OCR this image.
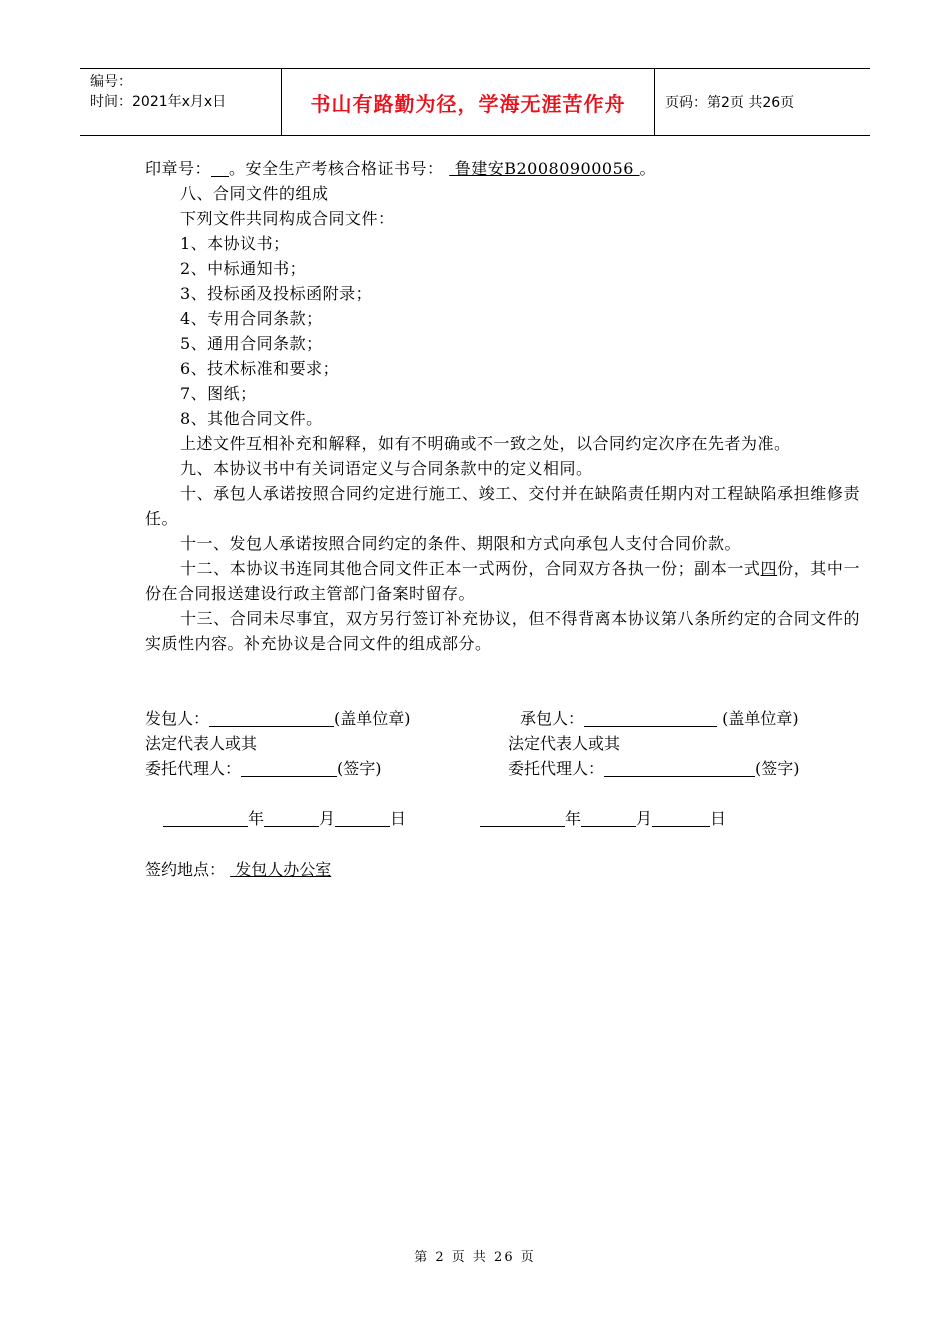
编号：
时间：2021年x月x日	书山有路勤为径，学海无涯苦作舟	页码：第2页 共26页
印章号： 。安全生产考核合格证书号：  鲁建安B20080900056 。
八、合同文件的组成
下列文件共同构成合同文件：
1、本协议书；
2、中标通知书；
3、投标函及投标函附录；
4、专用合同条款；
5、通用合同条款；
6、技术标准和要求；
7、图纸；
8、其他合同文件。
上述文件互相补充和解释，如有不明确或不一致之处，以合同约定次序在先者为准。
九、本协议书中有关词语定义与合同条款中的定义相同。
十、承包人承诺按照合同约定进行施工、竣工、交付并在缺陷责任期内对工程缺陷承担维修责任。
十一、发包人承诺按照合同约定的条件、期限和方式向承包人支付合同价款。
十二、本协议书连同其他合同文件正本一式两份，合同双方各执一份；副本一式四份，其中一份在合同报送建设行政主管部门备案时留存。
十三、合同未尽事宜，双方另行签订补充协议，但不得背离本协议第八条所约定的合同文件的实质性内容。补充协议是合同文件的组成部分。
发包人：	(盖单位章)	承包人：	(盖单位章)
法定代表人或其	法定代表人或其
委托代理人：	(签字)	委托代理人：	(签字)
年	月	日	年	月	日
签约地点：  发包人办公室
第 2 页 共 26 页
